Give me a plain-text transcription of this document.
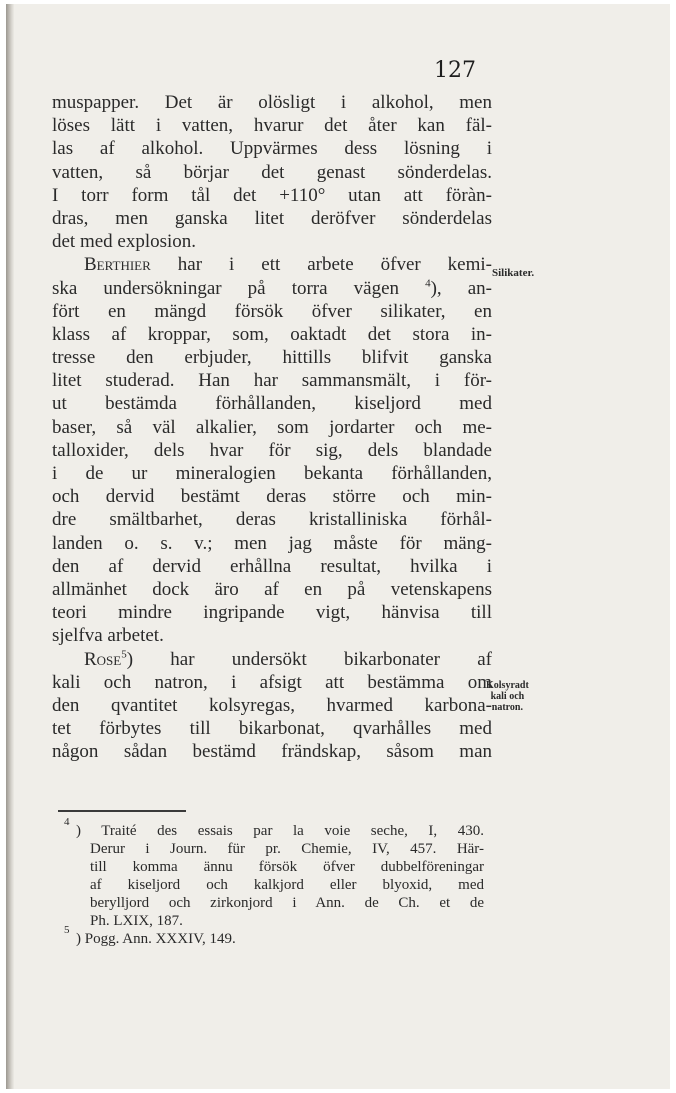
127
muspapper. Det är olösligt i alkohol, men
löses lätt i vatten, hvarur det åter kan fäl-
las af alkohol. Uppvärmes dess lösning i
vatten, så börjar det genast sönderdelas.
I torr form tål det +110° utan att föràn-
dras, men ganska litet deröfver sönderdelas
det med explosion.
Berthier har i ett arbete öfver kemi-
ska undersökningar på torra vägen $^4$), an-
fört en mängd försök öfver silikater, en
klass af kroppar, som, oaktadt det stora in-
tresse den erbjuder, hittills blifvit ganska
litet studerad. Han har sammansmält, i för-
ut bestämda förhållanden, kiseljord med
baser, så väl alkalier, som jordarter och me-
talloxider, dels hvar för sig, dels blandade
i de ur mineralogien bekanta förhållanden,
och dervid bestämt deras större och min-
dre smältbarhet, deras kristalliniska förhål-
landen o. s. v.; men jag måste för mäng-
den af dervid erhållna resultat, hvilka i
allmänhet dock äro af en på vetenskapens
teori mindre ingripande vigt, hänvisa till
sjelfva arbetet.
Rose$^5$) har undersökt bikarbonater af
kali och natron, i afsigt att bestämma om
den qvantitet kolsyregas, hvarmed karbona-
tet förbytes till bikarbonat, qvarhålles med
någon sådan bestämd frändskap, såsom man
Silikater.
Kolsyradt
kali och
natron.
4
) Traité des essais par la voie seche, I, 430.
Derur i Journ. für pr. Chemie, IV, 457. Här-
till komma ännu försök öfver dubbelföreningar
af kiseljord och kalkjord eller blyoxid, med
berylljord och zirkonjord i Ann. de Ch. et de
Ph. LXIX, 187.
5
) Pogg. Ann. XXXIV, 149.
